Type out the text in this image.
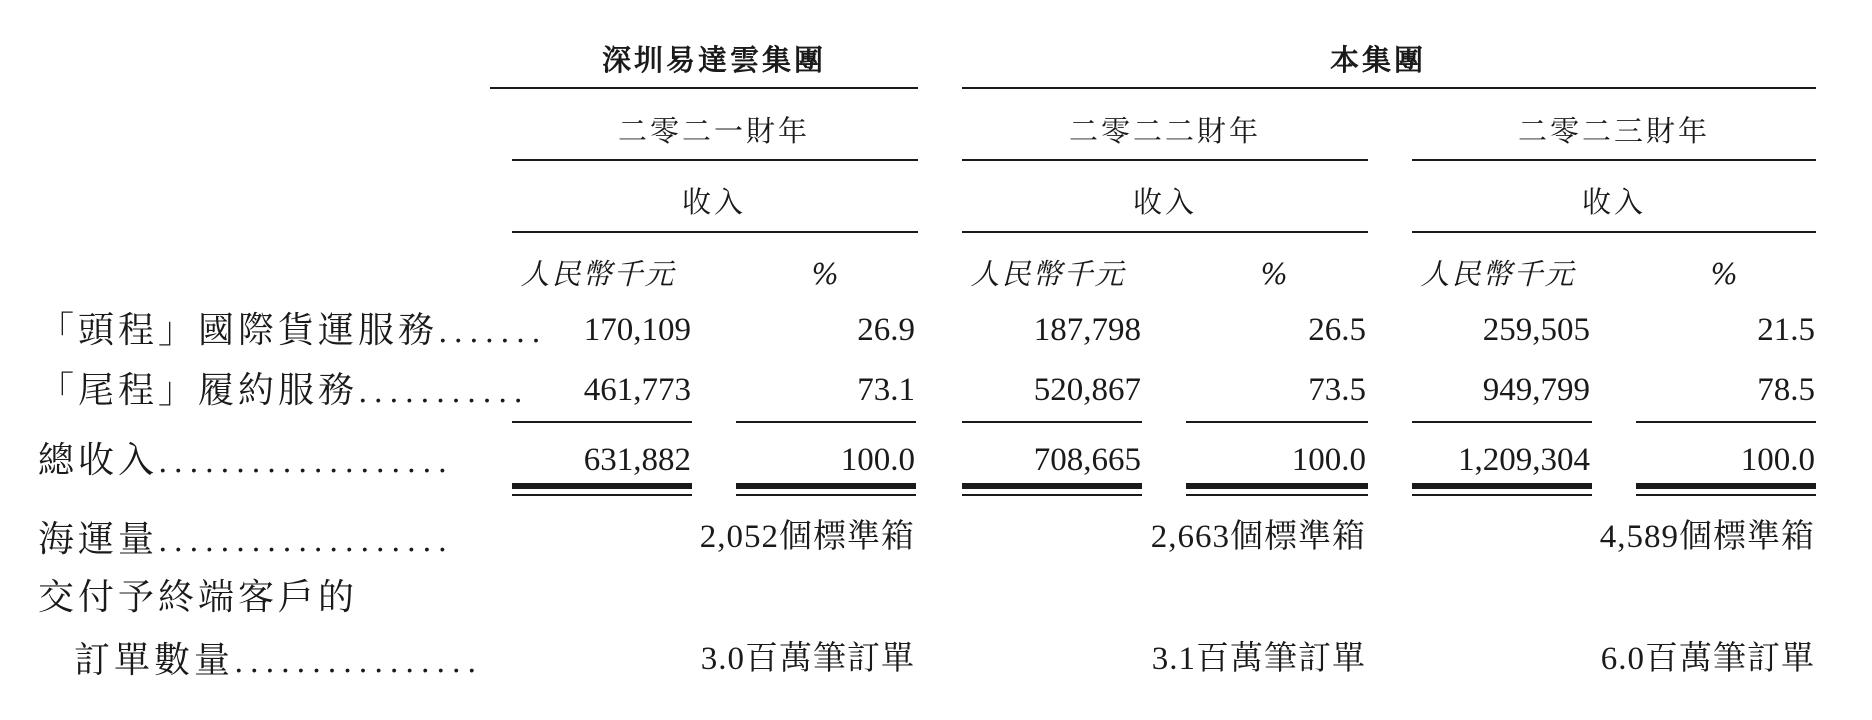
深圳易達雲集團	本集團
二零二一財年	二零二二財年	二零二三財年
收入	收入	收入
人民幣千元	%	人民幣千元	%	人民幣千元	%
「頭程」國際貨運服務....... 170,109	26.9	187,798	26.5	259,505	21.5
「尾程」履約服務........... 461,773	73.1	520,867	73.5	949,799	78.5
總收入...................	631,882	100.0	708,665	100.0	1,209,304	100.0
海運量...................	2,052個標準箱	2,663個標準箱	4,589個標準箱
交付予終端客戶的
訂單數量................	3.0百萬筆訂單	3.1百萬筆訂單	6.0百萬筆訂單
